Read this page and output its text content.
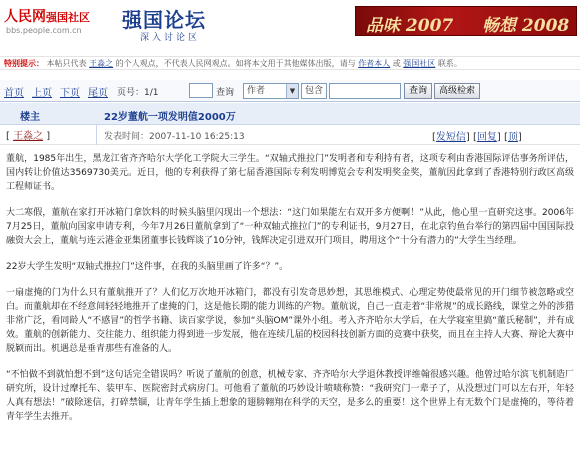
人民网强国社区
bbs.people.com.cn 强国论坛
深入讨论区
品味 2007 畅想 2008
特别提示： 本帖只代表 王淼之 的个人观点，不代表人民网观点。如将本文用于其他媒体出版，请与 作者本人 或 强国社区 联系。
首页 上页 下页 尾页 页号：1/1	查询	作者	▼	包含	查询	高级检索
楼主	22岁董航一项发明值2000万
[ 王淼之 ]	发表时间：2007-11-10 16:25:13	[发短信] [回复] [顶]

董航，1985年出生，黑龙江省齐齐哈尔大学化工学院大三学生。“双轴式推拉门”发明者和专利持有者，这项专利由香港国际评估事务所评估，国内转让价值达3569730美元。近日，他的专利获得了第七届香港国际专利发明博览会专利发明奖金奖，董航因此拿到了香港特别行政区高级工程师证书。

大二寒假，董航在家打开冰箱门拿饮料的时候头脑里闪现出一个想法：“这门如果能左右双开多方便啊！”从此，他心里一直研究这事。2006年7月25日，董航向国家申请专利，今年7月26日董航拿到了“一种双轴式推拉门”的专利证书，9月27日，在北京钓鱼台举行的第四届中国国际投融资大会上，董航与连云港金亚集团董事长钱辉谈了10分钟，钱辉决定引进双开门项目，聘用这个“十分有潜力的”大学生当经理。

22岁大学生发明“双轴式推拉门”这件事，在我的头脑里画了许多“？”。

一扇虚掩的门为什么只有董航推开了？人们亿万次地开冰箱门，都没有引发奇思妙想，其思维模式、心理定势使最常见的开门细节被忽略或空白。而董航却在不经意间轻轻地推开了虚掩的门，这是他长期的能力训练的产物。董航说，自己一直走着“非常规”的成长路线，课堂之外的涉猎非常广泛，看同龄人“不感冒”的哲学书籍、读百家学说，参加“头脑OM”课外小组。考入齐齐哈尔大学后，在大学寝室里搞“董氏秘制”，并有成效。董航的创新能力、交往能力、组织能力得到进一步发展，他在连续几届的校园科技创新方面的竞赛中获奖，而且在主持人大赛、辩论大赛中脱颖而出。机遇总是垂青那些有准备的人。

“不怕做不到就怕想不到”这句话完全错误吗？听说了董航的创意，机械专家、齐齐哈尔大学退休教授评维翰很感兴趣。他曾过哈尔滨飞机制造厂研究所，设计过摩托车、装甲车、医院密封式病房门。可他看了董航的巧妙设计喷啧称赞：“我研究门一辈子了，从没想过门可以左右开，年轻人真有想法！”破除迷信，打碎禁锢，让青年学生插上想象的翅膀翱翔在科学的天空，是多么的重要！这个世界上有无数个门是虚掩的，等待着青年学生去推开。
